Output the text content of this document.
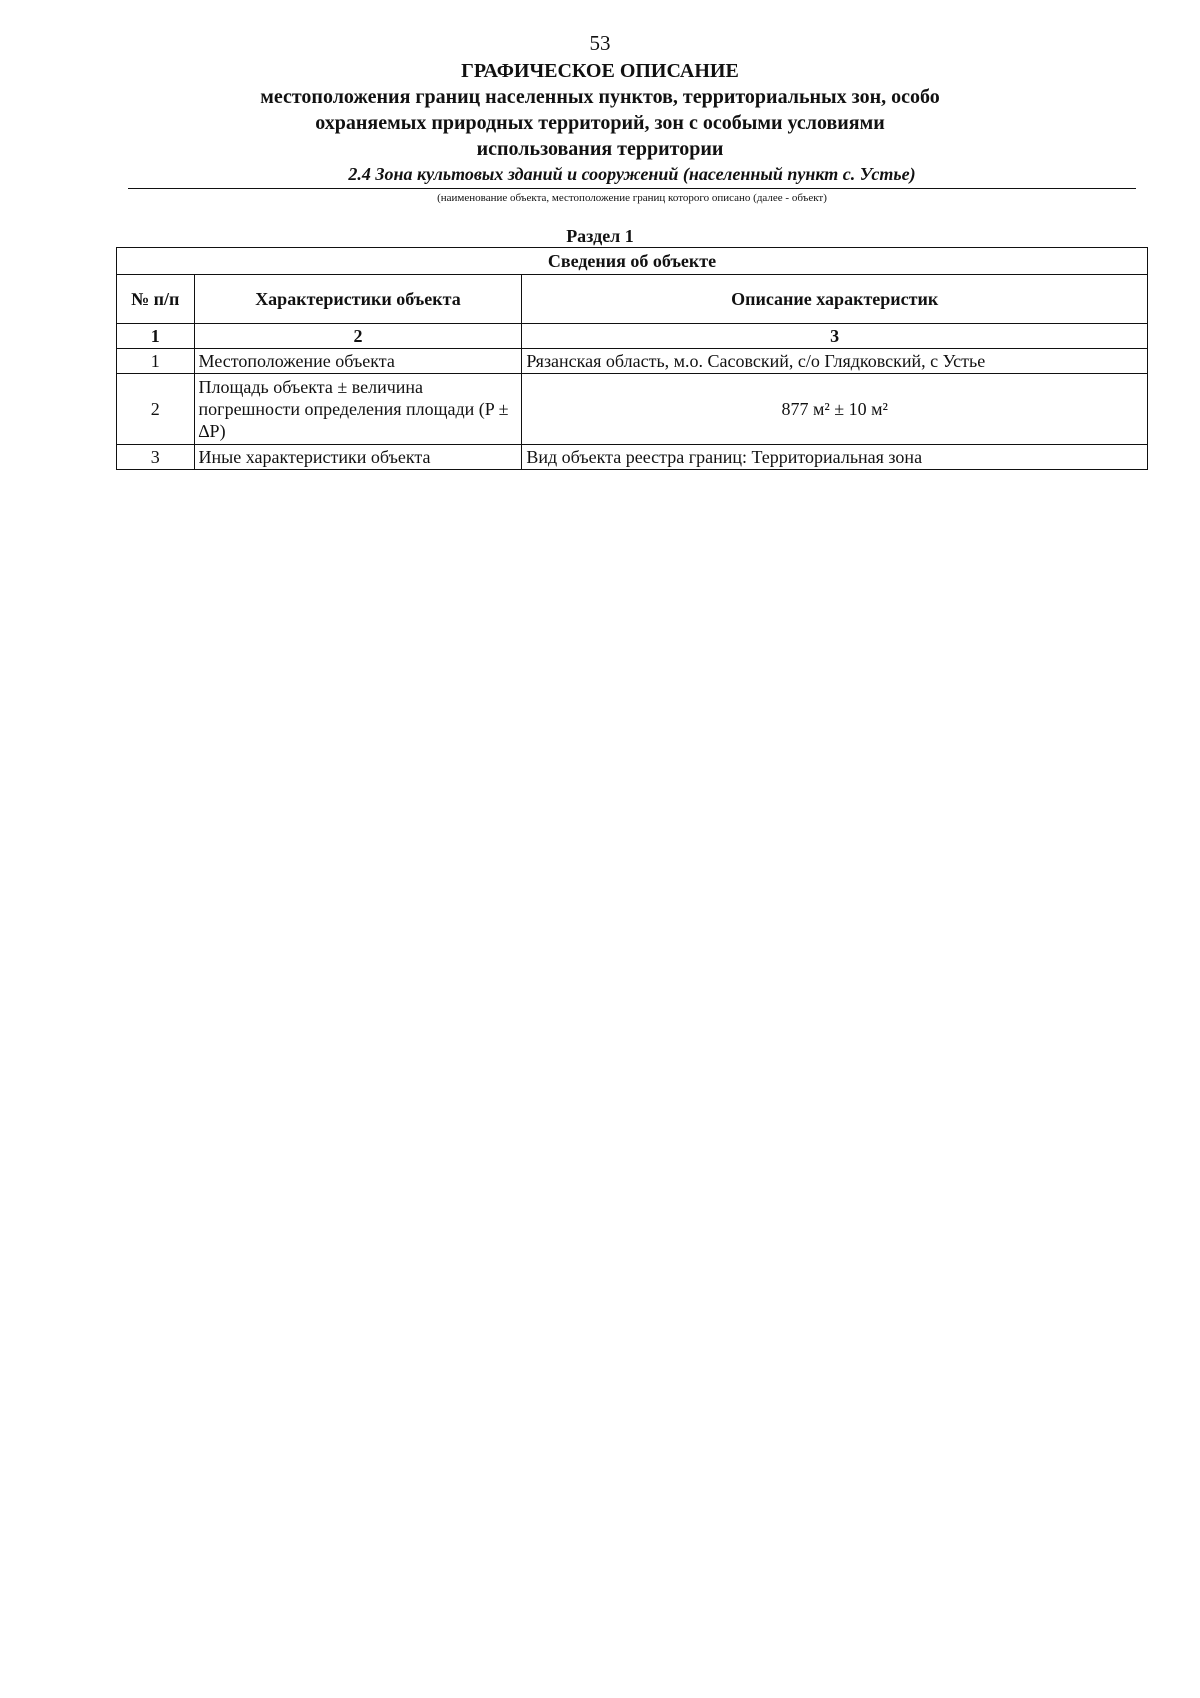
53
ГРАФИЧЕСКОЕ ОПИСАНИЕ
местоположения границ населенных пунктов, территориальных зон, особо охраняемых природных территорий, зон с особыми условиями использования территории
2.4 Зона культовых зданий и сооружений (населенный пункт с. Устье)
(наименование объекта, местоположение границ которого описано (далее - объект)
Раздел 1
Сведения об объекте		
№ п/п	Характеристики объекта	Описание характеристик
1	2	3
1	Местоположение объекта	Рязанская область, м.о. Сасовский, с/о Глядковский, с Устье
2	Площадь объекта ± величина погрешности определения площади (P ± ∆P)	877 м² ± 10 м²
3	Иные характеристики объекта	Вид объекта реестра границ: Территориальная зона
